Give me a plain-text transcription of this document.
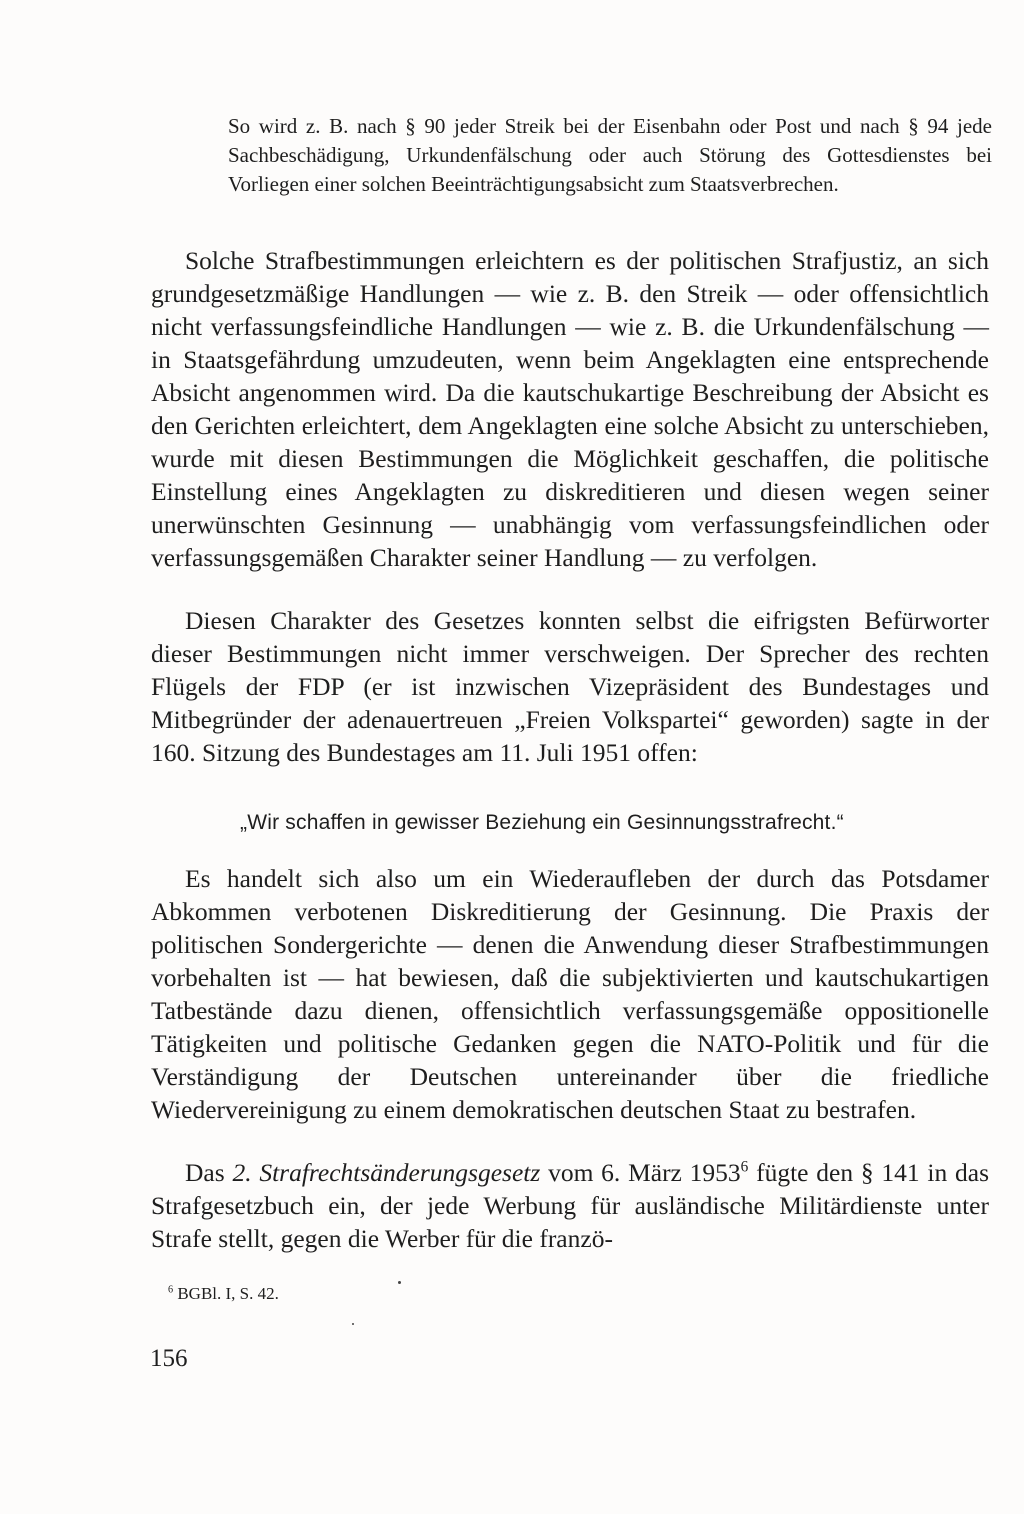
So wird z. B. nach § 90 jeder Streik bei der Eisenbahn oder Post und nach § 94 jede Sachbeschädigung, Urkundenfälschung oder auch Störung des Gottesdienstes bei Vorliegen einer solchen Beeinträchtigungsabsicht zum Staatsverbrechen.

Solche Strafbestimmungen erleichtern es der politischen Strafjustiz, an sich grundgesetzmäßige Handlungen — wie z. B. den Streik — oder offensichtlich nicht verfassungsfeindliche Handlungen — wie z. B. die Urkundenfälschung — in Staatsgefährdung umzudeuten, wenn beim Angeklagten eine entsprechende Absicht angenommen wird. Da die kautschukartige Beschreibung der Absicht es den Gerichten erleichtert, dem Angeklagten eine solche Absicht zu unterschieben, wurde mit diesen Bestimmungen die Möglichkeit geschaffen, die politische Einstellung eines Angeklagten zu diskreditieren und diesen wegen seiner unerwünschten Gesinnung — unabhängig vom verfassungsfeindlichen oder verfassungsgemäßen Charakter seiner Handlung — zu verfolgen.

Diesen Charakter des Gesetzes konnten selbst die eifrigsten Befürworter dieser Bestimmungen nicht immer verschweigen. Der Sprecher des rechten Flügels der FDP (er ist inzwischen Vizepräsident des Bundestages und Mitbegründer der adenauertreuen „Freien Volkspartei“ geworden) sagte in der 160. Sitzung des Bundestages am 11. Juli 1951 offen:

„Wir schaffen in gewisser Beziehung ein Gesinnungsstrafrecht.“

Es handelt sich also um ein Wiederaufleben der durch das Potsdamer Abkommen verbotenen Diskreditierung der Gesinnung. Die Praxis der politischen Sondergerichte — denen die Anwendung dieser Strafbestimmungen vorbehalten ist — hat bewiesen, daß die subjektivierten und kautschukartigen Tatbestände dazu dienen, offensichtlich verfassungsgemäße oppositionelle Tätigkeiten und politische Gedanken gegen die NATO-Politik und für die Verständigung der Deutschen untereinander über die friedliche Wiedervereinigung zu einem demokratischen deutschen Staat zu bestrafen.

Das 2. Strafrechtsänderungsgesetz vom 6. März 1953$^6$ fügte den § 141 in das Strafgesetzbuch ein, der jede Werbung für ausländische Militärdienste unter Strafe stellt, gegen die Werber für die franzö-

$^6$ BGBl. I, S. 42.
156
